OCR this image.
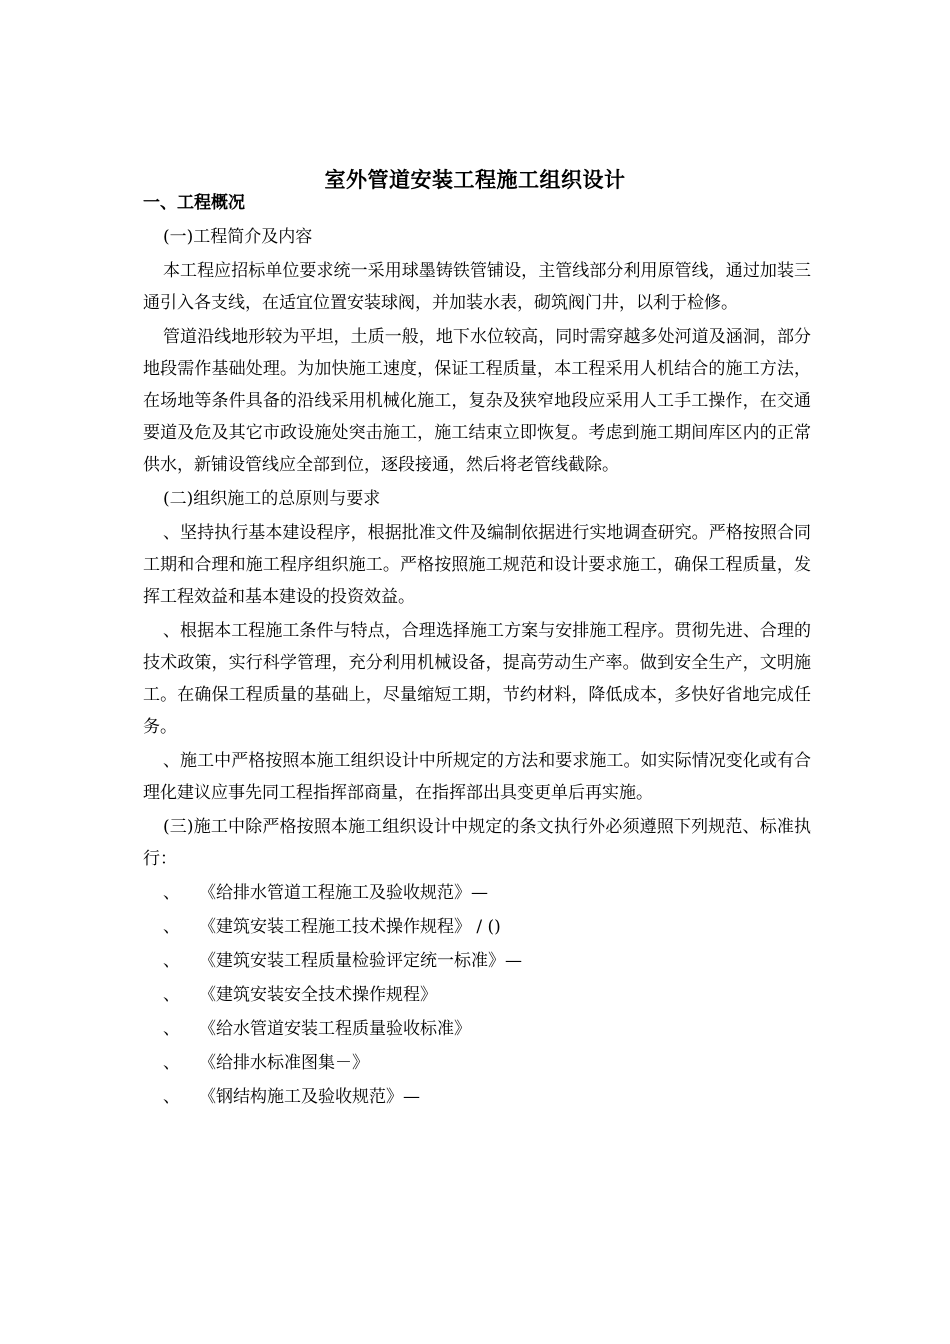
室外管道安装工程施工组织设计

一、工程概况

(一)工程简介及内容

本工程应招标单位要求统一采用球墨铸铁管铺设，主管线部分利用原管线，通过加装三通引入各支线，在适宜位置安装球阀，并加装水表，砌筑阀门井，以利于检修。

管道沿线地形较为平坦，土质一般，地下水位较高，同时需穿越多处河道及涵洞，部分地段需作基础处理。为加快施工速度，保证工程质量，本工程采用人机结合的施工方法，在场地等条件具备的沿线采用机械化施工，复杂及狭窄地段应采用人工手工操作，在交通要道及危及其它市政设施处突击施工，施工结束立即恢复。考虑到施工期间库区内的正常供水，新铺设管线应全部到位，逐段接通，然后将老管线截除。

(二)组织施工的总原则与要求

、坚持执行基本建设程序，根据批准文件及编制依据进行实地调查研究。严格按照合同工期和合理和施工程序组织施工。严格按照施工规范和设计要求施工，确保工程质量，发挥工程效益和基本建设的投资效益。

、根据本工程施工条件与特点，合理选择施工方案与安排施工程序。贯彻先进、合理的技术政策，实行科学管理，充分利用机械设备，提高劳动生产率。做到安全生产，文明施工。在确保工程质量的基础上，尽量缩短工期，节约材料，降低成本，多快好省地完成任务。

、施工中严格按照本施工组织设计中所规定的方法和要求施工。如实际情况变化或有合理化建议应事先同工程指挥部商量，在指挥部出具变更单后再实施。

(三)施工中除严格按照本施工组织设计中规定的条文执行外必须遵照下列规范、标准执行：

、 《给排水管道工程施工及验收规范》—

、 《建筑安装工程施工技术操作规程》 / ()

、 《建筑安装工程质量检验评定统一标准》—

、 《建筑安装安全技术操作规程》

、 《给水管道安装工程质量验收标准》

、 《给排水标准图集－》

、 《钢结构施工及验收规范》—
